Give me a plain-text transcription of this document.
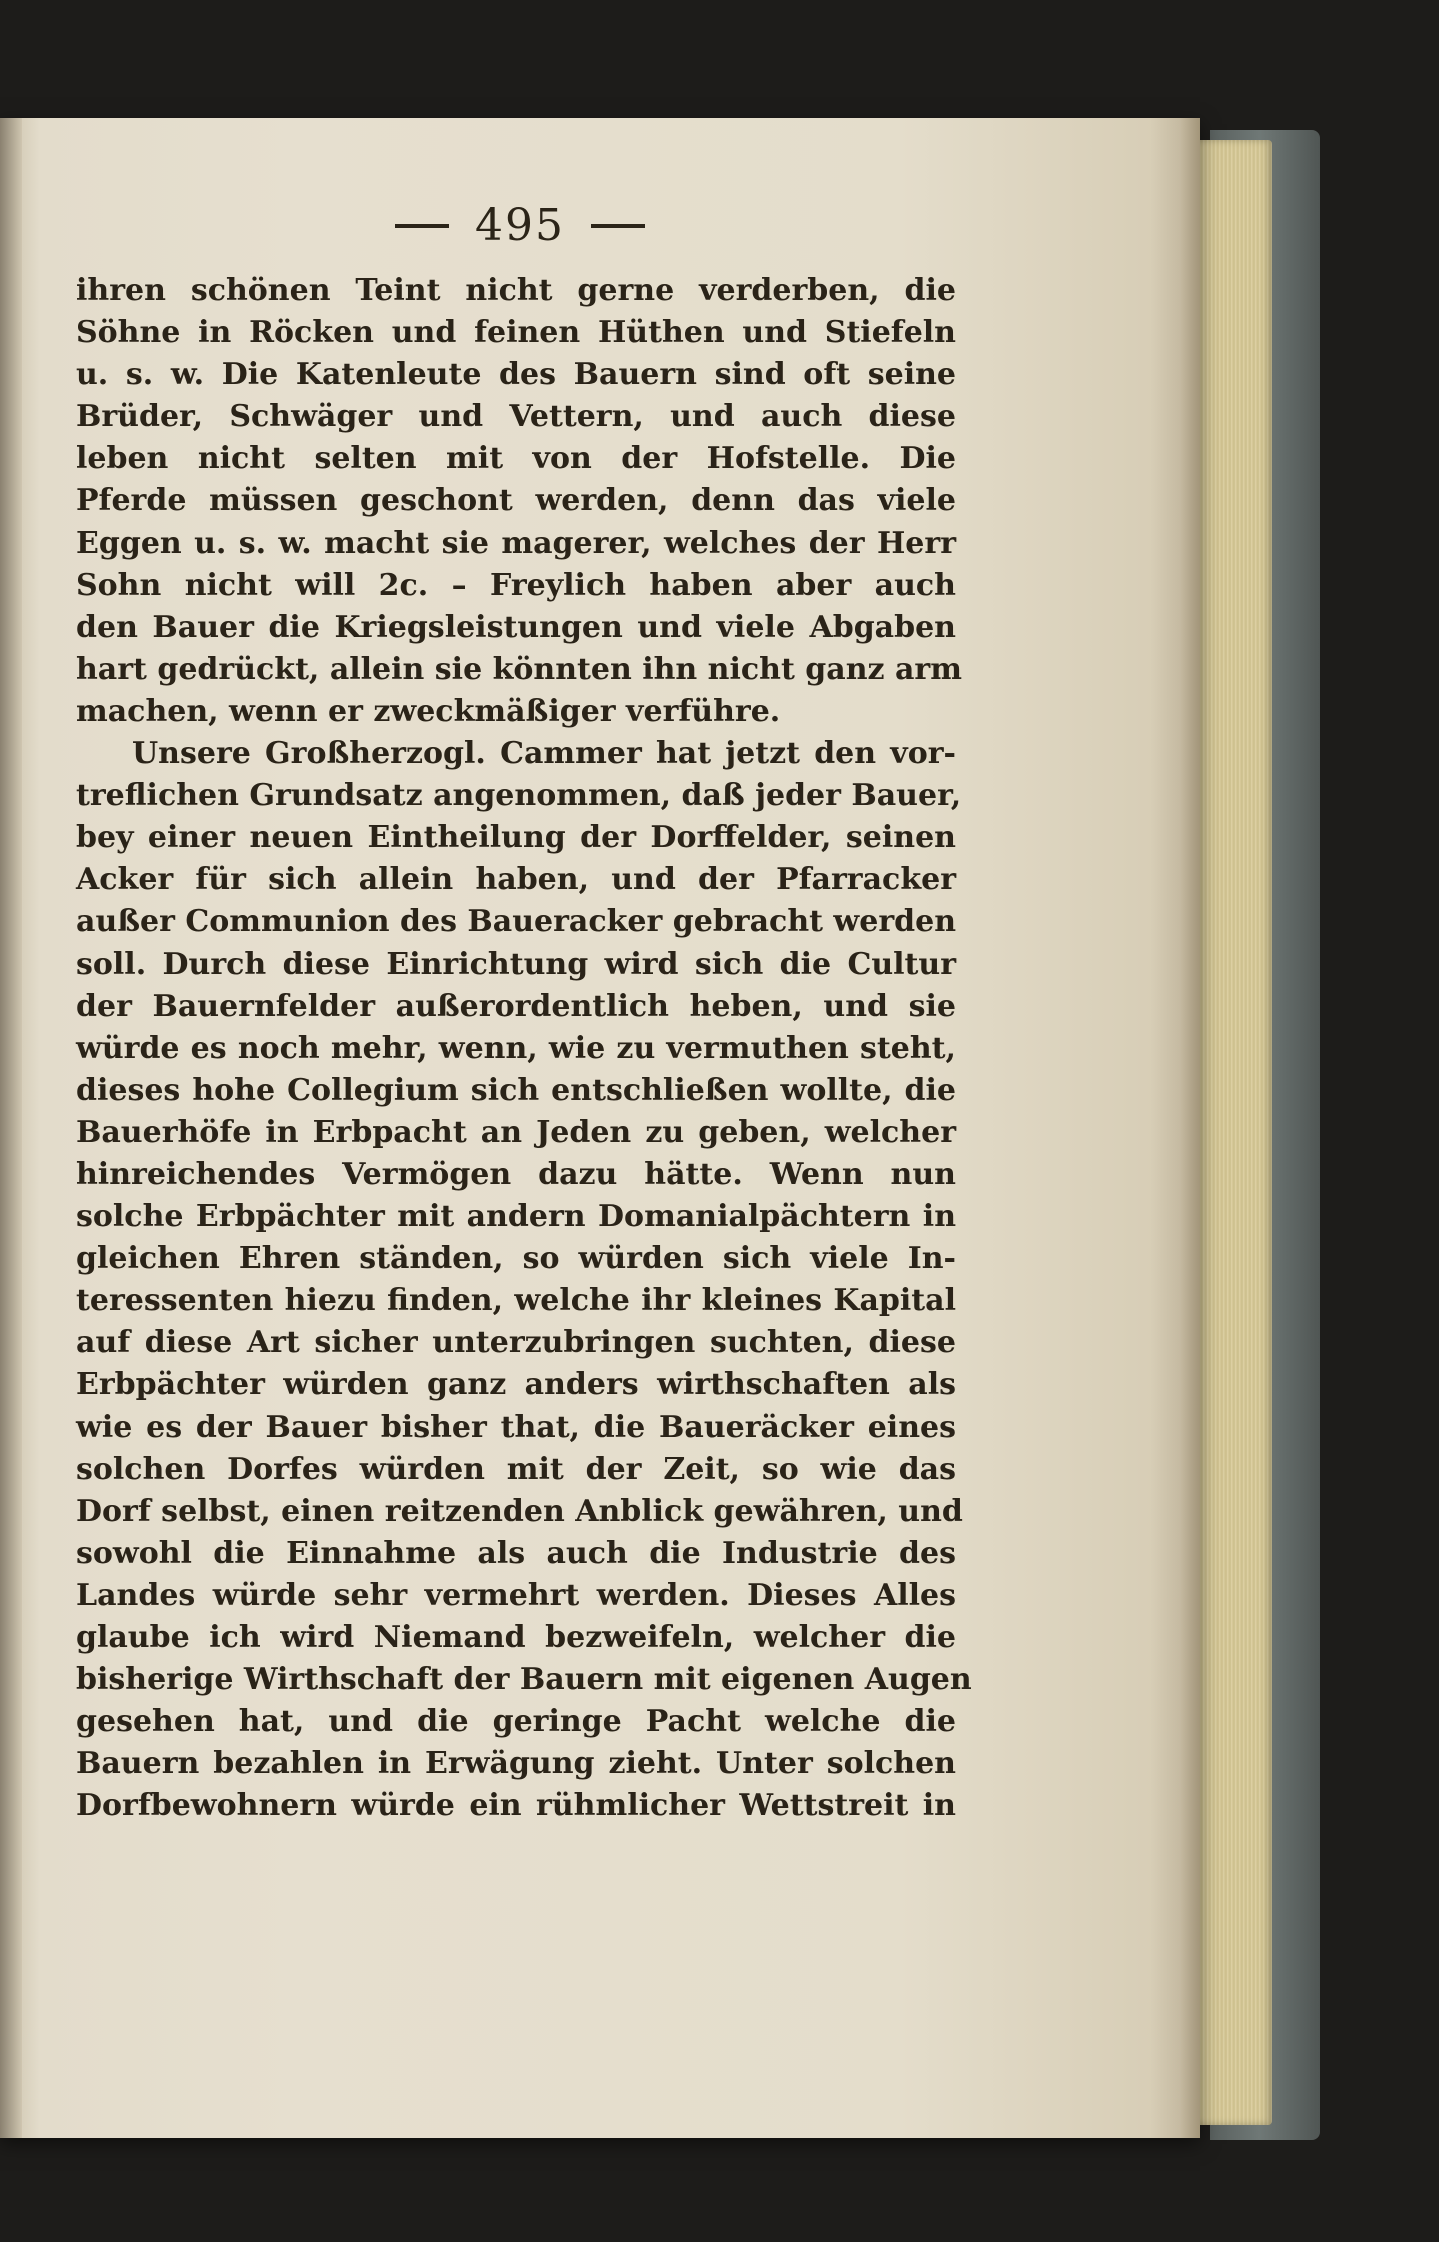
495
ihren schönen Teint nicht gerne verderben, die
Söhne in Röcken und feinen Hüthen und Stiefeln
u. s. w. Die Katenleute des Bauern sind oft seine
Brüder, Schwäger und Vettern, und auch diese
leben nicht selten mit von der Hofstelle. Die
Pferde müssen geschont werden, denn das viele
Eggen u. s. w. macht sie magerer, welches der Herr
Sohn nicht will 2c. – Freylich haben aber auch
den Bauer die Kriegsleistungen und viele Abgaben
hart gedrückt, allein sie könnten ihn nicht ganz arm
machen, wenn er zweckmäßiger verführe.
Unsere Großherzogl. Cammer hat jetzt den vor-
treflichen Grundsatz angenommen, daß jeder Bauer,
bey einer neuen Eintheilung der Dorffelder, seinen
Acker für sich allein haben, und der Pfarracker
außer Communion des Baueracker gebracht werden
soll. Durch diese Einrichtung wird sich die Cultur
der Bauernfelder außerordentlich heben, und sie
würde es noch mehr, wenn, wie zu vermuthen steht,
dieses hohe Collegium sich entschließen wollte, die
Bauerhöfe in Erbpacht an Jeden zu geben, welcher
hinreichendes Vermögen dazu hätte. Wenn nun
solche Erbpächter mit andern Domanialpächtern in
gleichen Ehren ständen, so würden sich viele In-
teressenten hiezu finden, welche ihr kleines Kapital
auf diese Art sicher unterzubringen suchten, diese
Erbpächter würden ganz anders wirthschaften als
wie es der Bauer bisher that, die Baueräcker eines
solchen Dorfes würden mit der Zeit, so wie das
Dorf selbst, einen reitzenden Anblick gewähren, und
sowohl die Einnahme als auch die Industrie des
Landes würde sehr vermehrt werden. Dieses Alles
glaube ich wird Niemand bezweifeln, welcher die
bisherige Wirthschaft der Bauern mit eigenen Augen
gesehen hat, und die geringe Pacht welche die
Bauern bezahlen in Erwägung zieht. Unter solchen
Dorfbewohnern würde ein rühmlicher Wettstreit in
